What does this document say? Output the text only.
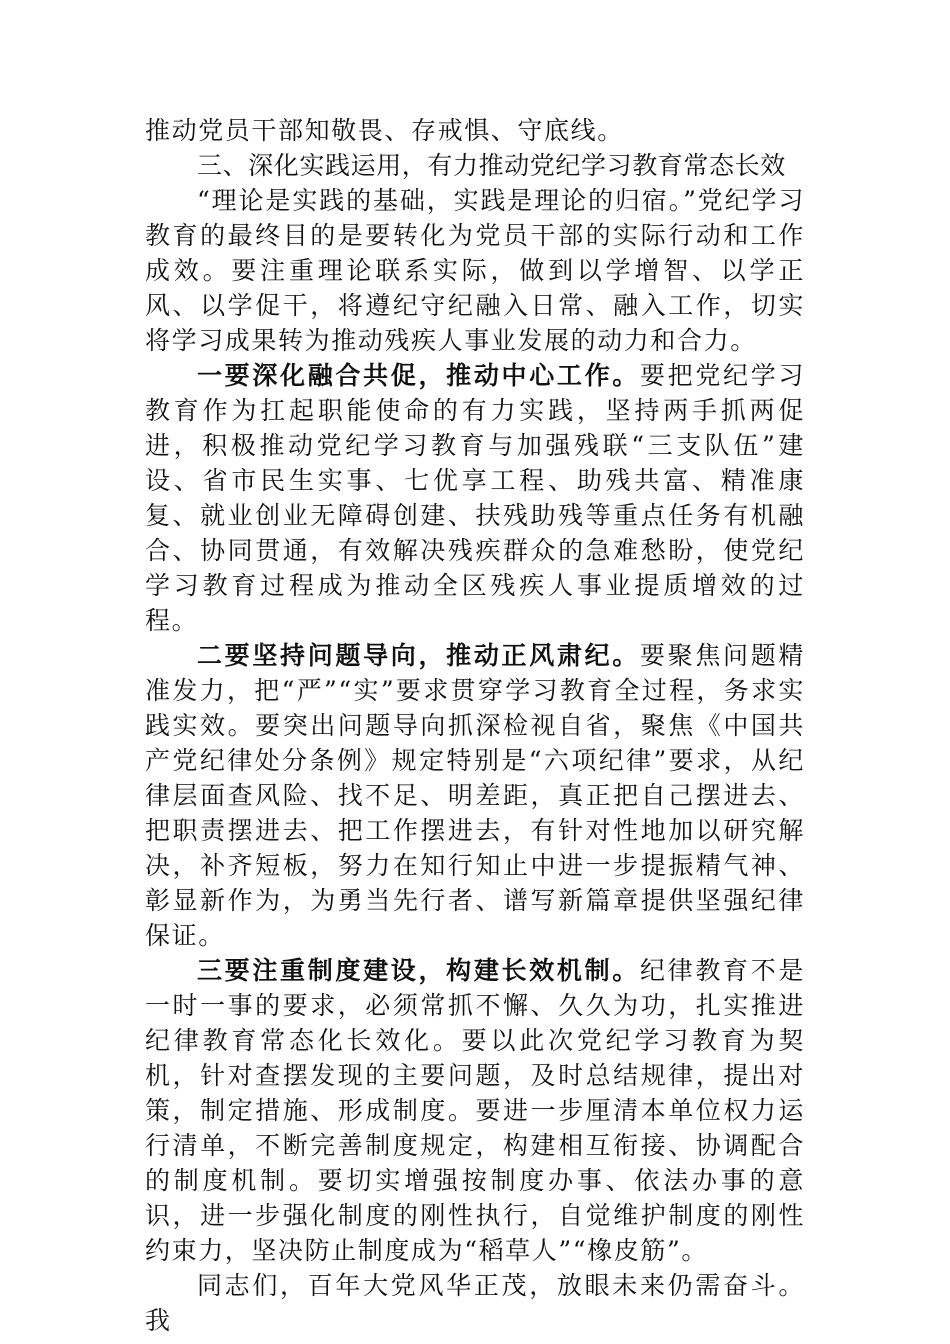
推动党员干部知敬畏、存戒惧、守底线。

三、深化实践运用，有力推动党纪学习教育常态长效

“理论是实践的基础，实践是理论的归宿。”党纪学习教育的最终目的是要转化为党员干部的实际行动和工作成效。要注重理论联系实际，做到以学增智、以学正风、以学促干，将遵纪守纪融入日常、融入工作，切实将学习成果转为推动残疾人事业发展的动力和合力。

一要深化融合共促，推动中心工作。要把党纪学习教育作为扛起职能使命的有力实践，坚持两手抓两促进，积极推动党纪学习教育与加强残联“三支队伍”建设、省市民生实事、七优享工程、助残共富、精准康复、就业创业无障碍创建、扶残助残等重点任务有机融合、协同贯通，有效解决残疾群众的急难愁盼，使党纪学习教育过程成为推动全区残疾人事业提质增效的过程。

二要坚持问题导向，推动正风肃纪。要聚焦问题精准发力，把“严”“实”要求贯穿学习教育全过程，务求实践实效。要突出问题导向抓深检视自省，聚焦《中国共产党纪律处分条例》规定特别是“六项纪律”要求，从纪律层面查风险、找不足、明差距，真正把自己摆进去、把职责摆进去、把工作摆进去，有针对性地加以研究解决，补齐短板，努力在知行知止中进一步提振精气神、彰显新作为，为勇当先行者、谱写新篇章提供坚强纪律保证。

三要注重制度建设，构建长效机制。纪律教育不是一时一事的要求，必须常抓不懈、久久为功，扎实推进纪律教育常态化长效化。要以此次党纪学习教育为契机，针对查摆发现的主要问题，及时总结规律，提出对策，制定措施、形成制度。要进一步厘清本单位权力运行清单，不断完善制度规定，构建相互衔接、协调配合的制度机制。要切实增强按制度办事、依法办事的意识，进一步强化制度的刚性执行，自觉维护制度的刚性约束力，坚决防止制度成为“稻草人”“橡皮筋”。

同志们，百年大党风华正茂，放眼未来仍需奋斗。我
